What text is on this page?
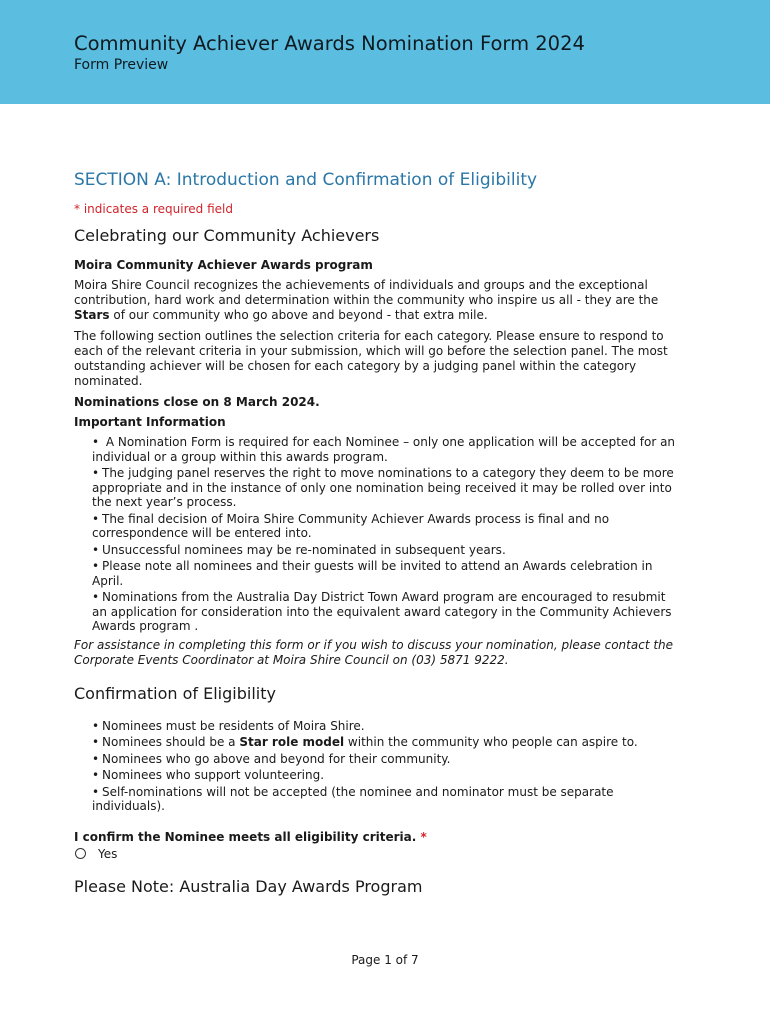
Community Achiever Awards Nomination Form 2024
Form Preview
SECTION A: Introduction and Confirmation of Eligibility
* indicates a required field
Celebrating our Community Achievers
Moira Community Achiever Awards program
Moira Shire Council recognizes the achievements of individuals and groups and the exceptional contribution, hard work and determination within the community who inspire us all - they are the Stars of our community who go above and beyond - that extra mile.
The following section outlines the selection criteria for each category. Please ensure to respond to each of the relevant criteria in your submission, which will go before the selection panel. The most outstanding achiever will be chosen for each category by a judging panel within the category nominated.
Nominations close on 8 March 2024.
Important Information
• A Nomination Form is required for each Nominee – only one application will be accepted for an individual or a group within this awards program.
• The judging panel reserves the right to move nominations to a category they deem to be more appropriate and in the instance of only one nomination being received it may be rolled over into the next year’s process.
• The final decision of Moira Shire Community Achiever Awards process is final and no correspondence will be entered into.
• Unsuccessful nominees may be re-nominated in subsequent years.
• Please note all nominees and their guests will be invited to attend an Awards celebration in April.
• Nominations from the Australia Day District Town Award program are encouraged to resubmit an application for consideration into the equivalent award category in the Community Achievers Awards program .
For assistance in completing this form or if you wish to discuss your nomination, please contact the Corporate Events Coordinator at Moira Shire Council on (03) 5871 9222.
Confirmation of Eligibility
• Nominees must be residents of Moira Shire.
• Nominees should be a Star role model within the community who people can aspire to.
• Nominees who go above and beyond for their community.
• Nominees who support volunteering.
• Self-nominations will not be accepted (the nominee and nominator must be separate individuals).
I confirm the Nominee meets all eligibility criteria. *
Yes
Please Note: Australia Day Awards Program
Page 1 of 7
